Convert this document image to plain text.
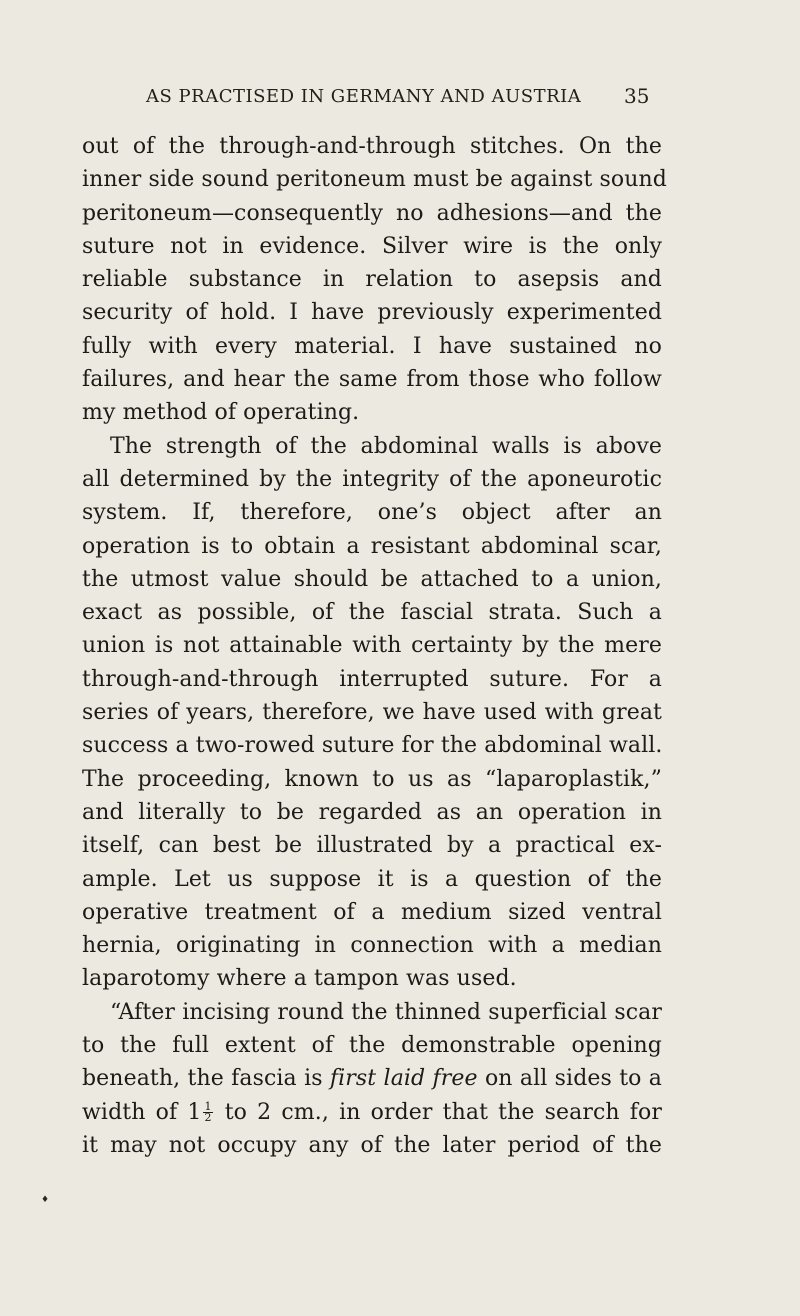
AS PRACTISED IN GERMANY AND AUSTRIA	35
out of the through-and-through stitches. On the
inner side sound peritoneum must be against sound
peritoneum—consequently no adhesions—and the
suture not in evidence. Silver wire is the only
reliable substance in relation to asepsis and
security of hold. I have previously experimented
fully with every material. I have sustained no
failures, and hear the same from those who follow
my method of operating.
The strength of the abdominal walls is above
all determined by the integrity of the aponeurotic
system. If, therefore, one’s object after an
operation is to obtain a resistant abdominal scar,
the utmost value should be attached to a union,
exact as possible, of the fascial strata. Such a
union is not attainable with certainty by the mere
through-and-through interrupted suture. For a
series of years, therefore, we have used with great
success a two-rowed suture for the abdominal wall.
The proceeding, known to us as “laparoplastik,”
and literally to be regarded as an operation in
itself, can best be illustrated by a practical ex-
ample. Let us suppose it is a question of the
operative treatment of a medium sized ventral
hernia, originating in connection with a median
laparotomy where a tampon was used.
“After incising round the thinned superficial scar
to the full extent of the demonstrable opening
beneath, the fascia is first laid free on all sides to a
width of $1 \frac{1}{2}$ to 2 cm., in order that the search for
it may not occupy any of the later period of the
♦
